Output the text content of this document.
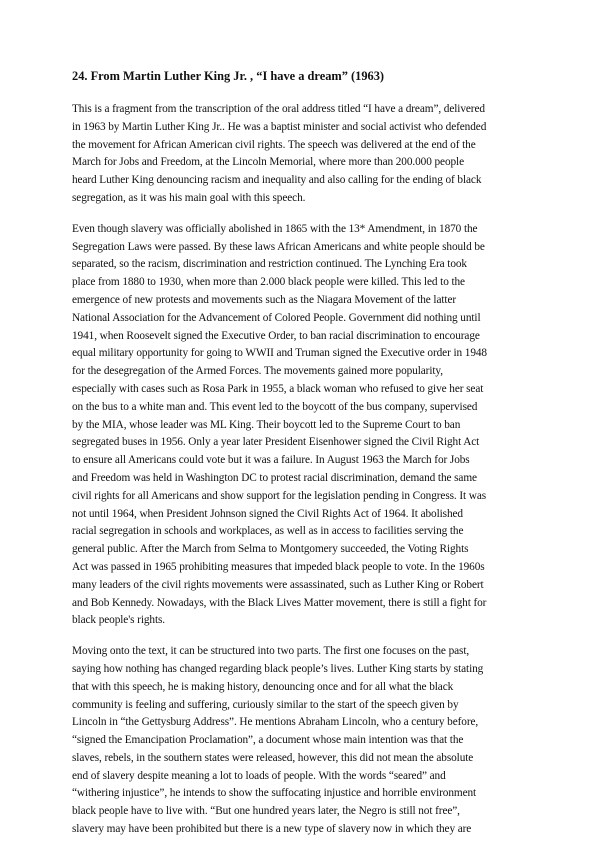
24. From Martin Luther King Jr. , “I have a dream” (1963)

This is a fragment from the transcription of the oral address titled “I have a dream”, delivered
in 1963 by Martin Luther King Jr.. He was a baptist minister and social activist who defended
the movement for African American civil rights. The speech was delivered at the end of the
March for Jobs and Freedom, at the Lincoln Memorial, where more than 200.000 people
heard Luther King denouncing racism and inequality and also calling for the ending of black
segregation, as it was his main goal with this speech.

Even though slavery was officially abolished in 1865 with the 13* Amendment, in 1870 the
Segregation Laws were passed. By these laws African Americans and white people should be
separated, so the racism, discrimination and restriction continued. The Lynching Era took
place from 1880 to 1930, when more than 2.000 black people were killed. This led to the
emergence of new protests and movements such as the Niagara Movement of the latter
National Association for the Advancement of Colored People. Government did nothing until
1941, when Roosevelt signed the Executive Order, to ban racial discrimination to encourage
equal military opportunity for going to WWII and Truman signed the Executive order in 1948
for the desegregation of the Armed Forces. The movements gained more popularity,
especially with cases such as Rosa Park in 1955, a black woman who refused to give her seat
on the bus to a white man and. This event led to the boycott of the bus company, supervised
by the MIA, whose leader was ML King. Their boycott led to the Supreme Court to ban
segregated buses in 1956. Only a year later President Eisenhower signed the Civil Right Act
to ensure all Americans could vote but it was a failure. In August 1963 the March for Jobs
and Freedom was held in Washington DC to protest racial discrimination, demand the same
civil rights for all Americans and show support for the legislation pending in Congress. It was
not until 1964, when President Johnson signed the Civil Rights Act of 1964. It abolished
racial segregation in schools and workplaces, as well as in access to facilities serving the
general public. After the March from Selma to Montgomery succeeded, the Voting Rights
Act was passed in 1965 prohibiting measures that impeded black people to vote. In the 1960s
many leaders of the civil rights movements were assassinated, such as Luther King or Robert
and Bob Kennedy. Nowadays, with the Black Lives Matter movement, there is still a fight for
black people's rights.

Moving onto the text, it can be structured into two parts. The first one focuses on the past,
saying how nothing has changed regarding black people’s lives. Luther King starts by stating
that with this speech, he is making history, denouncing once and for all what the black
community is feeling and suffering, curiously similar to the start of the speech given by
Lincoln in “the Gettysburg Address”. He mentions Abraham Lincoln, who a century before,
“signed the Emancipation Proclamation”, a document whose main intention was that the
slaves, rebels, in the southern states were released, however, this did not mean the absolute
end of slavery despite meaning a lot to loads of people. With the words “seared” and
“withering injustice”, he intends to show the suffocating injustice and horrible environment
black people have to live with. “But one hundred years later, the Negro is still not free”,
slavery may have been prohibited but there is a new type of slavery now in which they are
